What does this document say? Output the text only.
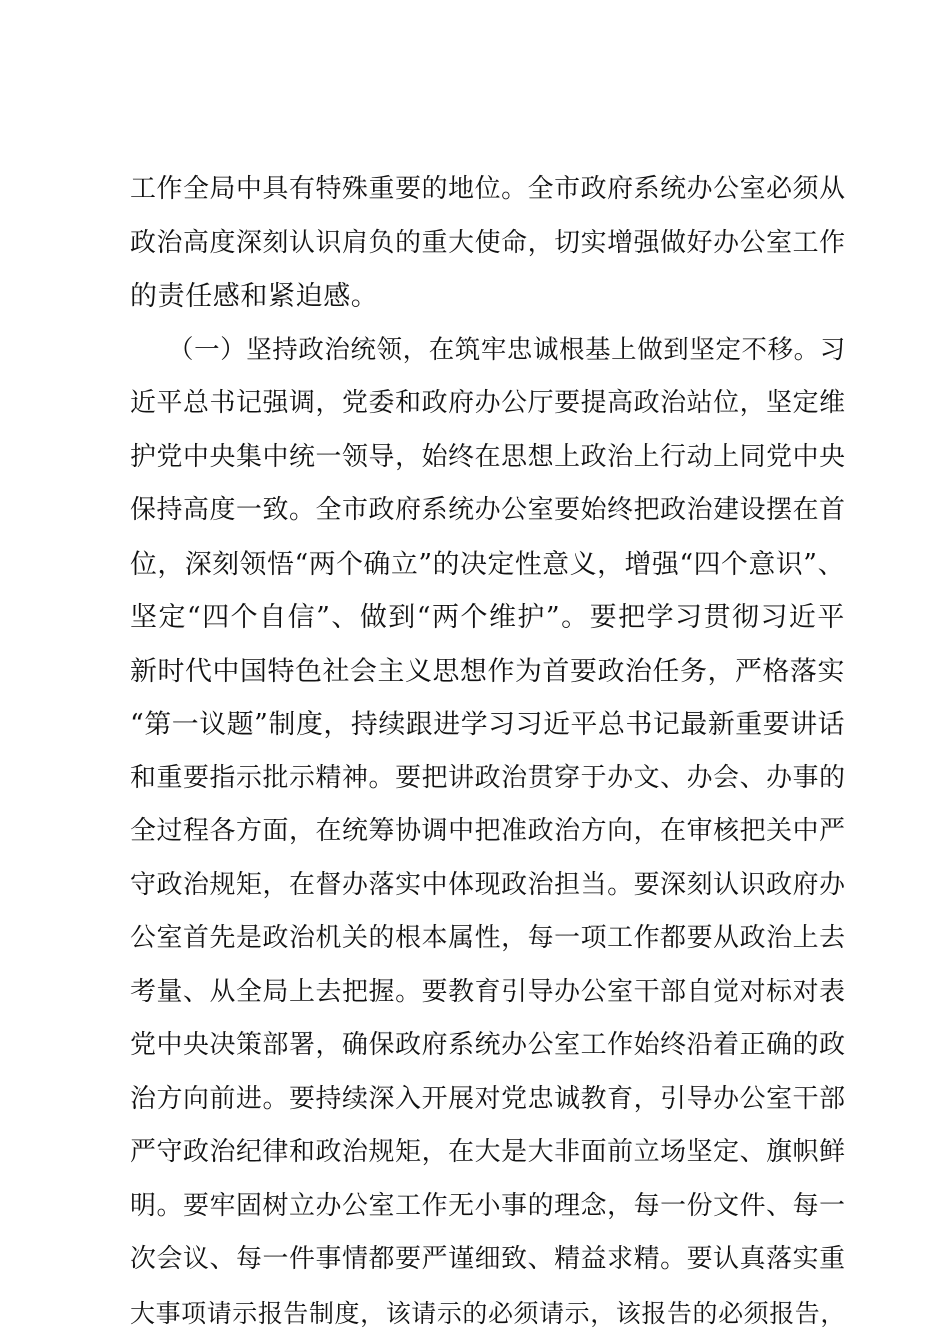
工作全局中具有特殊重要的地位。全市政府系统办公室必须从
政治高度深刻认识肩负的重大使命，切实增强做好办公室工作
的责任感和紧迫感。
（一）坚持政治统领，在筑牢忠诚根基上做到坚定不移。习
近平总书记强调，党委和政府办公厅要提高政治站位，坚定维
护党中央集中统一领导，始终在思想上政治上行动上同党中央
保持高度一致。全市政府系统办公室要始终把政治建设摆在首
位，深刻领悟“两个确立”的决定性意义，增强“四个意识”、
坚定“四个自信”、做到“两个维护”。要把学习贯彻习近平
新时代中国特色社会主义思想作为首要政治任务，严格落实
“第一议题”制度，持续跟进学习习近平总书记最新重要讲话
和重要指示批示精神。要把讲政治贯穿于办文、办会、办事的
全过程各方面，在统筹协调中把准政治方向，在审核把关中严
守政治规矩，在督办落实中体现政治担当。要深刻认识政府办
公室首先是政治机关的根本属性，每一项工作都要从政治上去
考量、从全局上去把握。要教育引导办公室干部自觉对标对表
党中央决策部署，确保政府系统办公室工作始终沿着正确的政
治方向前进。要持续深入开展对党忠诚教育，引导办公室干部
严守政治纪律和政治规矩，在大是大非面前立场坚定、旗帜鲜
明。要牢固树立办公室工作无小事的理念，每一份文件、每一
次会议、每一件事情都要严谨细致、精益求精。要认真落实重
大事项请示报告制度，该请示的必须请示，该报告的必须报告，
